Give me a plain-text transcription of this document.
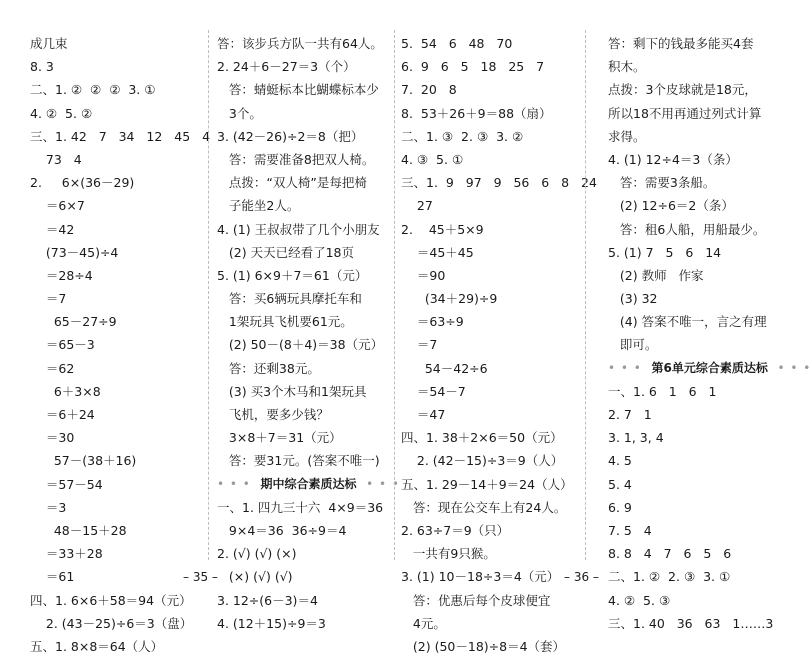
成几束
8. 3
二、1. ②  ②  ②  3. ①
4. ②  5. ②
三、1. 42   7   34   12   45   4
73   4
2.     6×(36－29)
＝6×7
＝42
(73－45)÷4
＝28÷4
＝7
65－27÷9
＝65－3
＝62
6＋3×8
＝6＋24
＝30
57－(38＋16)
＝57－54
＝3
48－15＋28
＝33＋28
＝61
四、1. 6×6＋58＝94（元）
2. (43－25)÷6＝3（盘）
五、1. 8×8＝64（人）
答：该步兵方队一共有64人。
2. 24＋6－27＝3（个）
答：蜻蜓标本比蝴蝶标本少
3个。
3. (42－26)÷2＝8（把）
答：需要准备8把双人椅。
点拨：“双人椅”是每把椅
子能坐2人。
4. (1) 王叔叔带了几个小朋友
(2) 天天已经看了18页
5. (1) 6×9＋7＝61（元）
答：买6辆玩具摩托车和
1架玩具飞机要61元。
(2) 50－(8＋4)＝38（元）
答：还剩38元。
(3) 买3个木马和1架玩具
飞机，要多少钱？
3×8＋7＝31（元）
答：要31元。(答案不唯一)
• • •  期中综合素质达标  • • •
一、1. 四九三十六  4×9＝36
9×4＝36  36÷9＝4
2. (√) (√) (×)
(×) (√) (√)
3. 12÷(6－3)＝4
4. (12＋15)÷9＝3
5.  54   6   48   70
6.  9   6   5   18   25   7
7.  20   8
8.  53＋26＋9＝88（扇）
二、1. ③  2. ③  3. ②
4. ③  5. ①
三、1.  9   97   9   56   6   8   24
27
2.    45＋5×9
＝45＋45
＝90
(34＋29)÷9
＝63÷9
＝7
54－42÷6
＝54－7
＝47
四、1. 38＋2×6＝50（元）
2. (42－15)÷3＝9（人）
五、1. 29－14＋9＝24（人）
答：现在公交车上有24人。
2. 63÷7＝9（只）
一共有9只猴。
3. (1) 10－18÷3＝4（元）
答：优惠后每个皮球便宜
4元。
(2) (50－18)÷8＝4（套）
答：剩下的钱最多能买4套
积木。
点拨：3个皮球就是18元，
所以18不用再通过列式计算
求得。
4. (1) 12÷4＝3（条）
答：需要3条船。
(2) 12÷6＝2（条）
答：租6人船，用船最少。
5. (1) 7   5   6   14
(2) 教师   作家
(3) 32
(4) 答案不唯一，言之有理
即可。
• • •  第6单元综合素质达标  • • •
一、1. 6   1   6   1
2. 7   1
3. 1, 3, 4
4. 5
5. 4
6. 9
7. 5   4
8. 8   4   7   6   5   6
二、1. ②  2. ③  3. ①
4. ②  5. ③
三、1. 40   36   63   1……3
– 35 –	– 36 –
